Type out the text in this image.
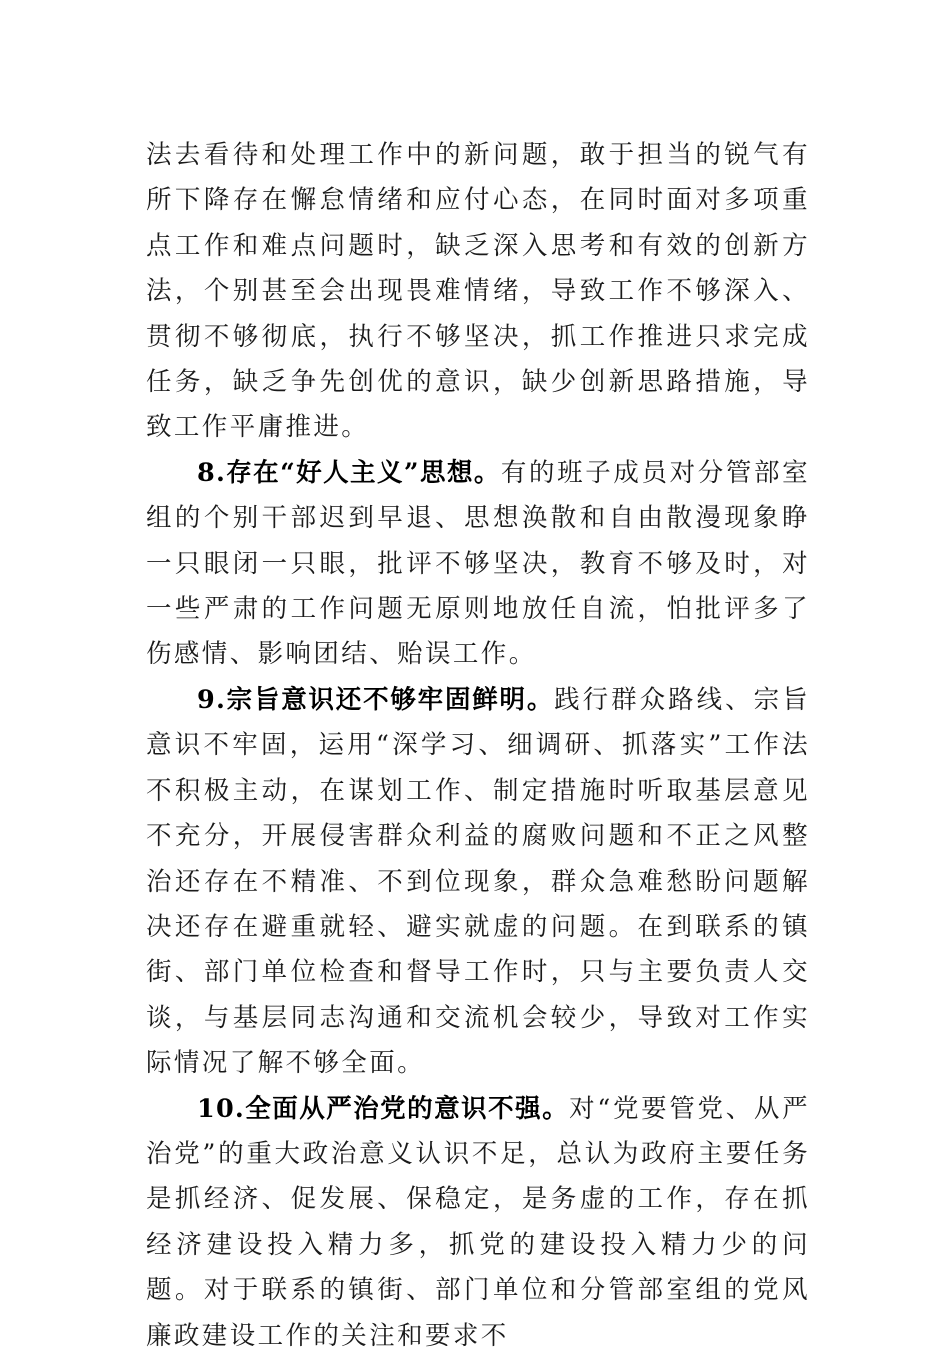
法去看待和处理工作中的新问题，敢于担当的锐气有所下降存在懈怠情绪和应付心态，在同时面对多项重点工作和难点问题时，缺乏深入思考和有效的创新方法，个别甚至会出现畏难情绪，导致工作不够深入、贯彻不够彻底，执行不够坚决，抓工作推进只求完成任务，缺乏争先创优的意识，缺少创新思路措施，导致工作平庸推进。

8.存在“好人主义”思想。有的班子成员对分管部室组的个别干部迟到早退、思想涣散和自由散漫现象睁一只眼闭一只眼，批评不够坚决，教育不够及时，对一些严肃的工作问题无原则地放任自流，怕批评多了伤感情、影响团结、贻误工作。

9.宗旨意识还不够牢固鲜明。践行群众路线、宗旨意识不牢固，运用“深学习、细调研、抓落实”工作法不积极主动，在谋划工作、制定措施时听取基层意见不充分，开展侵害群众利益的腐败问题和不正之风整治还存在不精准、不到位现象，群众急难愁盼问题解决还存在避重就轻、避实就虚的问题。在到联系的镇街、部门单位检查和督导工作时，只与主要负责人交谈，与基层同志沟通和交流机会较少，导致对工作实际情况了解不够全面。

10.全面从严治党的意识不强。对“党要管党、从严治党”的重大政治意义认识不足，总认为政府主要任务是抓经济、促发展、保稳定，是务虚的工作，存在抓经济建设投入精力多，抓党的建设投入精力少的问题。对于联系的镇街、部门单位和分管部室组的党风廉政建设工作的关注和要求不
